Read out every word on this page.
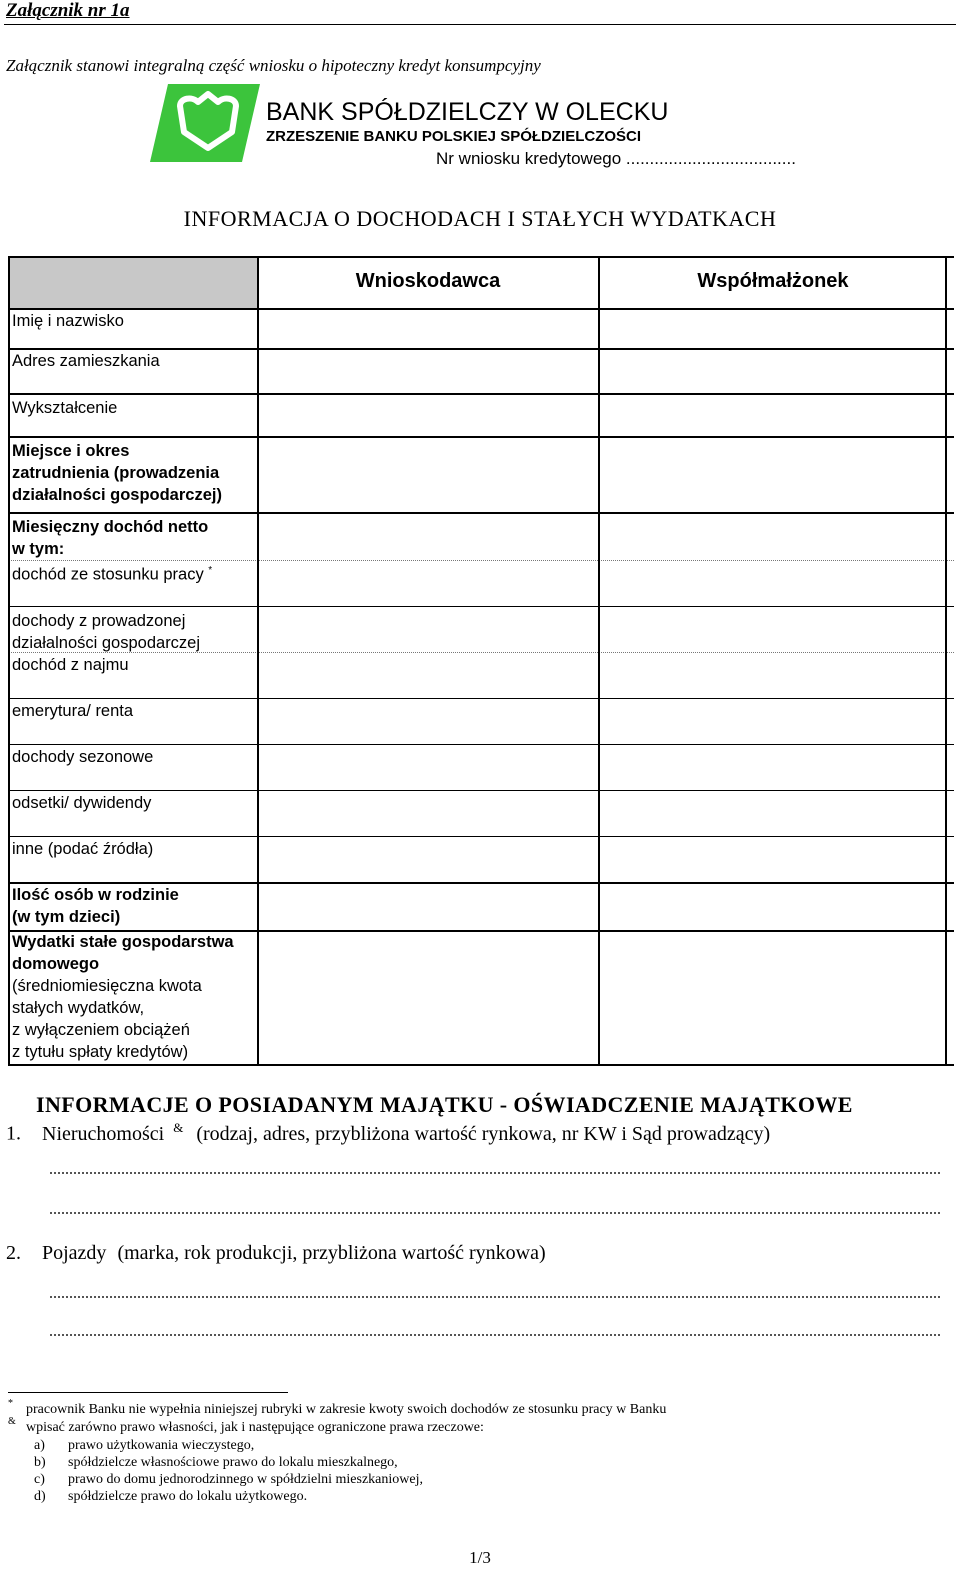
Załącznik nr 1a
Załącznik stanowi integralną część wniosku o hipoteczny kredyt konsumpcyjny
BANK SPÓŁDZIELCZY W OLECKU
ZRZESZENIE BANKU POLSKIEJ SPÓŁDZIELCZOŚCI
Nr wniosku kredytowego ....................................
INFORMACJA O DOCHODACH I STAŁYCH WYDATKACH
Wnioskodawca	Współmałżonek
Imię i nazwisko
Adres zamieszkania
Wykształcenie
Miejsce i okres
zatrudnienia (prowadzenia
działalności gospodarczej)
Miesięczny dochód netto
w tym:
dochód ze stosunku pracy *
dochody z prowadzonej
działalności gospodarczej
dochód z najmu
emerytura/ renta
dochody sezonowe
odsetki/ dywidendy
inne (podać źródła)
Ilość osób w rodzinie
(w tym dzieci)
Wydatki stałe gospodarstwa
domowego
(średniomiesięczna kwota
stałych wydatków,
z wyłączeniem obciążeń
z tytułu spłaty kredytów)
INFORMACJE O POSIADANYM MAJĄTKU - OŚWIADCZENIE MAJĄTKOWE
1. Nieruchomości & (rodzaj, adres, przybliżona wartość rynkowa, nr KW i Sąd prowadzący)
2. Pojazdy (marka, rok produkcji, przybliżona wartość rynkowa)
* pracownik Banku nie wypełnia niniejszej rubryki w zakresie kwoty swoich dochodów ze stosunku pracy w Banku
& wpisać zarówno prawo własności, jak i następujące ograniczone prawa rzeczowe:
a) prawo użytkowania wieczystego,
b) spółdzielcze własnościowe prawo do lokalu mieszkalnego,
c) prawo do domu jednorodzinnego w spółdzielni mieszkaniowej,
d) spółdzielcze prawo do lokalu użytkowego.
1/3
